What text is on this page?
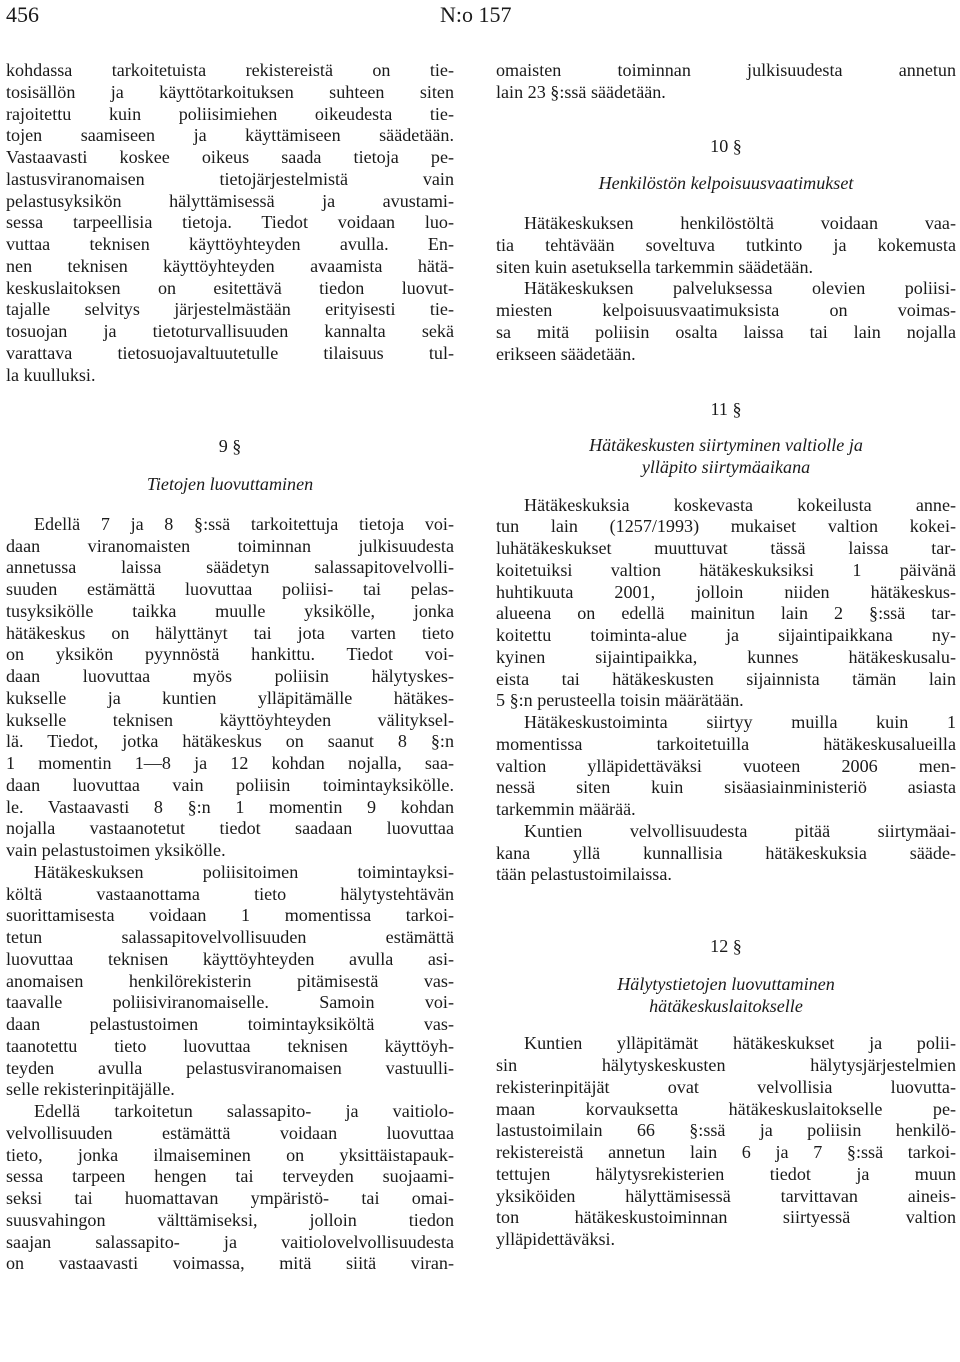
456	N:o 157
kohdassa tarkoitetuista rekistereistä on tie-
tosisällön ja käyttötarkoituksen suhteen siten
rajoitettu kuin poliisimiehen oikeudesta tie-
tojen saamiseen ja käyttämiseen säädetään.
Vastaavasti koskee oikeus saada tietoja pe-
lastusviranomaisen tietojärjestelmistä vain
pelastusyksikön hälyttämisessä ja avustami-
sessa tarpeellisia tietoja. Tiedot voidaan luo-
vuttaa teknisen käyttöyhteyden avulla. En-
nen teknisen käyttöyhteyden avaamista hätä-
keskuslaitoksen on esitettävä tiedon luovut-
tajalle selvitys järjestelmästään erityisesti tie-
tosuojan ja tietoturvallisuuden kannalta sekä
varattava tietosuojavaltuutetulle tilaisuus tul-
la kuulluksi.

9 §

Tietojen luovuttaminen

Edellä 7 ja 8 §:ssä tarkoitettuja tietoja voi-
daan viranomaisten toiminnan julkisuudesta
annetussa laissa säädetyn salassapitovelvolli-
suuden estämättä luovuttaa poliisi- tai pelas-
tusyksikölle taikka muulle yksikölle, jonka
hätäkeskus on hälyttänyt tai jota varten tieto
on yksikön pyynnöstä hankittu. Tiedot voi-
daan luovuttaa myös poliisin hälytyskes-
kukselle ja kuntien ylläpitämälle hätäkes-
kukselle teknisen käyttöyhteyden välityksel-
lä. Tiedot, jotka hätäkeskus on saanut 8 §:n
1 momentin 1—8 ja 12 kohdan nojalla, saa-
daan luovuttaa vain poliisin toimintayksikölle.
le. Vastaavasti 8 §:n 1 momentin 9 kohdan
nojalla vastaanotetut tiedot saadaan luovuttaa
vain pelastustoimen yksikölle.
Hätäkeskuksen poliisitoimen toimintayksi-
költä vastaanottama tieto hälytystehtävän
suorittamisesta voidaan 1 momentissa tarkoi-
tetun salassapitovelvollisuuden estämättä
luovuttaa teknisen käyttöyhteyden avulla asi-
anomaisen henkilörekisterin pitämisestä vas-
taavalle poliisiviranomaiselle. Samoin voi-
daan pelastustoimen toimintayksiköltä vas-
taanotettu tieto luovuttaa teknisen käyttöyh-
teyden avulla pelastusviranomaisen vastuulli-
selle rekisterinpitäjälle.
Edellä tarkoitetun salassapito- ja vaitiolo-
velvollisuuden estämättä voidaan luovuttaa
tieto, jonka ilmaiseminen on yksittäistapauk-
sessa tarpeen hengen tai terveyden suojaami-
seksi tai huomattavan ympäristö- tai omai-
suusvahingon välttämiseksi, jolloin tiedon
saajan salassapito- ja vaitiolovelvollisuudesta
on vastaavasti voimassa, mitä siitä viran-
omaisten toiminnan julkisuudesta annetun
lain 23 §:ssä säädetään.

10 §

Henkilöstön kelpoisuusvaatimukset

Hätäkeskuksen henkilöstöltä voidaan vaa-
tia tehtävään soveltuva tutkinto ja kokemusta
siten kuin asetuksella tarkemmin säädetään.
Hätäkeskuksen palveluksessa olevien poliisi-
miesten kelpoisuusvaatimuksista on voimas-
sa mitä poliisin osalta laissa tai lain nojalla
erikseen säädetään.

11 §

Hätäkeskusten siirtyminen valtiolle ja

ylläpito siirtymäaikana

Hätäkeskuksia koskevasta kokeilusta anne-
tun lain (1257/1993) mukaiset valtion kokei-
luhätäkeskukset muuttuvat tässä laissa tar-
koitetuiksi valtion hätäkeskuksiksi 1 päivänä
huhtikuuta 2001, jolloin niiden hätäkeskus-
alueena on edellä mainitun lain 2 §:ssä tar-
koitettu toiminta-alue ja sijaintipaikkana ny-
kyinen sijaintipaikka, kunnes hätäkeskusalu-
eista tai hätäkeskusten sijainnista tämän lain
5 §:n perusteella toisin määrätään.
Hätäkeskustoiminta siirtyy muilla kuin 1
momentissa tarkoitetuilla hätäkeskusalueilla
valtion ylläpidettäväksi vuoteen 2006 men-
nessä siten kuin sisäasiainministeriö asiasta
tarkemmin määrää.
Kuntien velvollisuudesta pitää siirtymäai-
kana yllä kunnallisia hätäkeskuksia sääde-
tään pelastustoimilaissa.

12 §

Hälytystietojen luovuttaminen

hätäkeskuslaitokselle

Kuntien ylläpitämät hätäkeskukset ja polii-
sin hälytyskeskusten hälytysjärjestelmien
rekisterinpitäjät ovat velvollisia luovutta-
maan korvauksetta hätäkeskuslaitokselle pe-
lastustoimilain 66 §:ssä ja poliisin henkilö-
rekistereistä annetun lain 6 ja 7 §:ssä tarkoi-
tettujen hälytysrekisterien tiedot ja muun
yksiköiden hälyttämisessä tarvittavan aineis-
ton hätäkeskustoiminnan siirtyessä valtion
ylläpidettäväksi.
